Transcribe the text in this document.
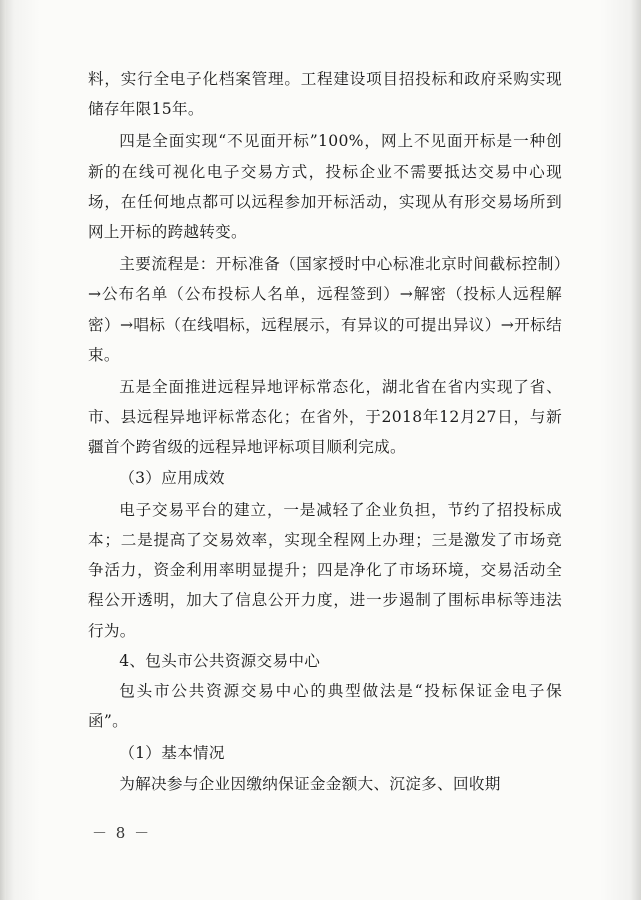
料，实行全电子化档案管理。工程建设项目招投标和政府采购实现储存年限15年。

四是全面实现“不见面开标”100%，网上不见面开标是一种创新的在线可视化电子交易方式，投标企业不需要抵达交易中心现场，在任何地点都可以远程参加开标活动，实现从有形交易场所到网上开标的跨越转变。

主要流程是：开标准备（国家授时中心标准北京时间截标控制）→公布名单（公布投标人名单，远程签到）→解密（投标人远程解密）→唱标（在线唱标，远程展示，有异议的可提出异议）→开标结束。

五是全面推进远程异地评标常态化，湖北省在省内实现了省、市、县远程异地评标常态化；在省外，于2018年12月27日，与新疆首个跨省级的远程异地评标项目顺利完成。

（3）应用成效

电子交易平台的建立，一是减轻了企业负担，节约了招投标成本；二是提高了交易效率，实现全程网上办理；三是激发了市场竞争活力，资金利用率明显提升；四是净化了市场环境，交易活动全程公开透明，加大了信息公开力度，进一步遏制了围标串标等违法行为。

4、包头市公共资源交易中心

包头市公共资源交易中心的典型做法是“投标保证金电子保函”。

（1）基本情况

为解决参与企业因缴纳保证金金额大、沉淀多、回收期

－ 8 －
